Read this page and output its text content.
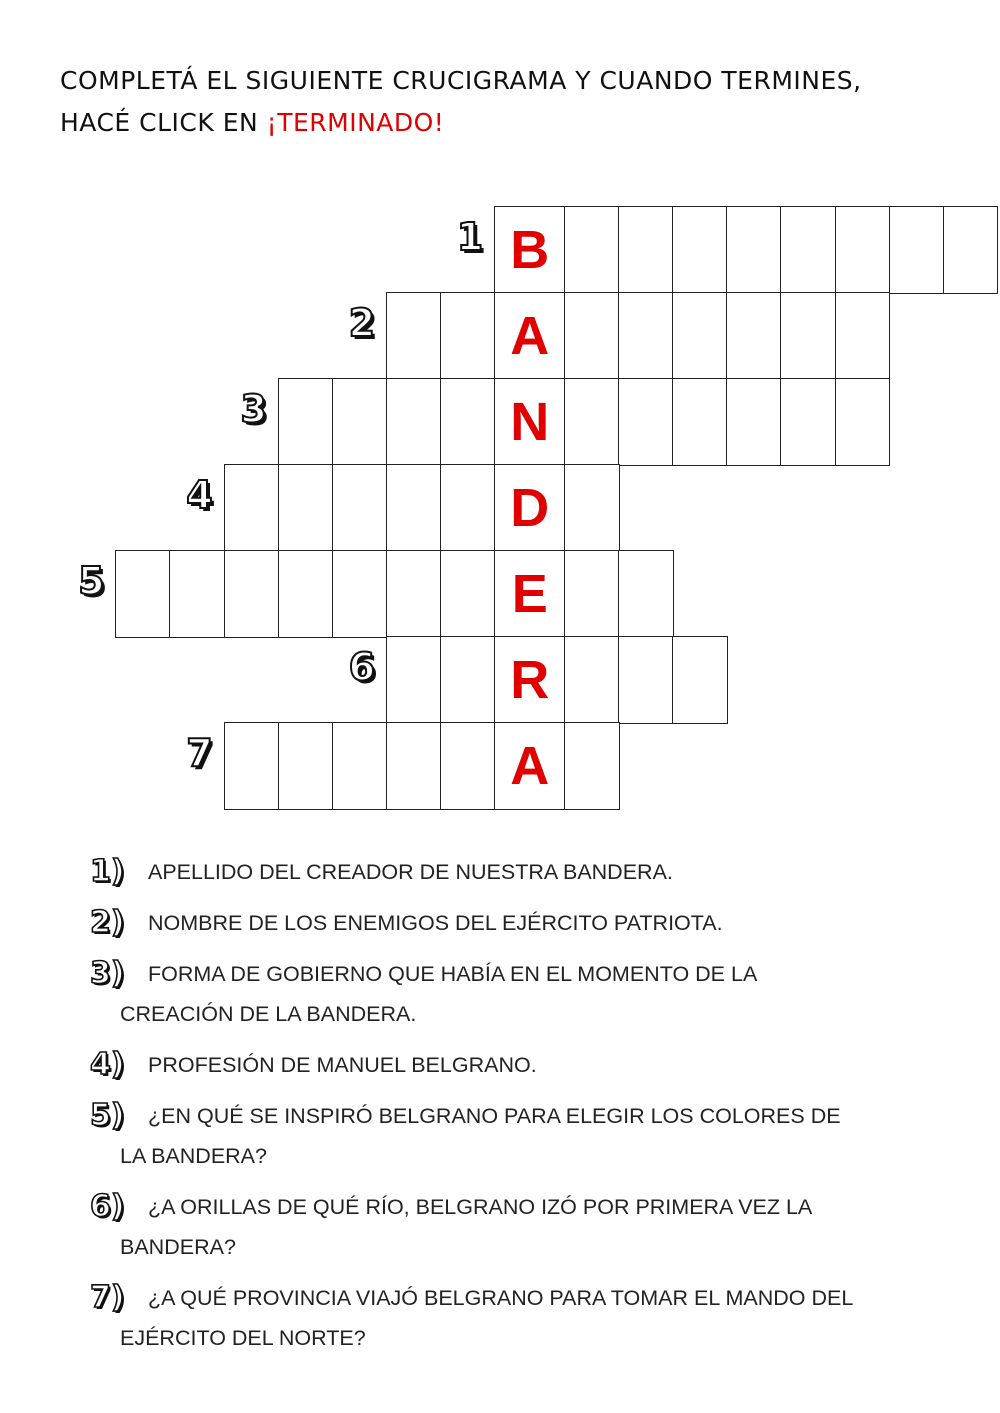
COMPLETÁ EL SIGUIENTE CRUCIGRAMA Y CUANDO TERMINES,
HACÉ CLICK EN ¡TERMINADO!
1 B
2	A
3	N
4	D
5	E
6	R
7	A
1) APELLIDO DEL CREADOR DE NUESTRA BANDERA.
2) NOMBRE DE LOS ENEMIGOS DEL EJÉRCITO PATRIOTA.
3) FORMA DE GOBIERNO QUE HABÍA EN EL MOMENTO DE LA
CREACIÓN DE LA BANDERA.
4) PROFESIÓN DE MANUEL BELGRANO.
5) ¿EN QUÉ SE INSPIRÓ BELGRANO PARA ELEGIR LOS COLORES DE
LA BANDERA?
6) ¿A ORILLAS DE QUÉ RÍO, BELGRANO IZÓ POR PRIMERA VEZ LA
BANDERA?
7) ¿A QUÉ PROVINCIA VIAJÓ BELGRANO PARA TOMAR EL MANDO DEL
EJÉRCITO DEL NORTE?
